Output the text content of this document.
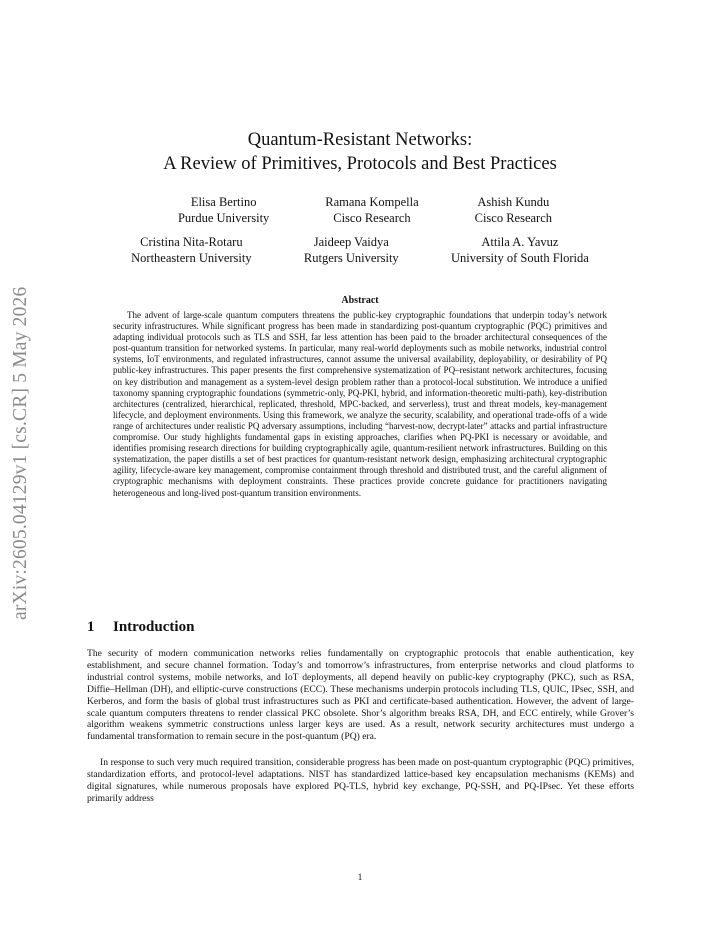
arXiv:2605.04129v1 [cs.CR] 5 May 2026
Quantum-Resistant Networks:
A Review of Primitives, Protocols and Best Practices
Elisa Bertino
Purdue University
Ramana Kompella
Cisco Research
Ashish Kundu
Cisco Research
Cristina Nita-Rotaru
Northeastern University
Jaideep Vaidya
Rutgers University
Attila A. Yavuz
University of South Florida
Abstract

The advent of large-scale quantum computers threatens the public-key cryptographic foundations that underpin today’s network security infrastructures. While significant progress has been made in standardizing post-quantum cryptographic (PQC) primitives and adapting individual protocols such as TLS and SSH, far less attention has been paid to the broader architectural consequences of the post-quantum transition for networked systems. In particular, many real-world deployments such as mobile networks, industrial control systems, IoT environments, and regulated infrastructures, cannot assume the universal availability, deployability, or desirability of PQ public-key infrastructures. This paper presents the first comprehensive systematization of PQ–resistant network architectures, focusing on key distribution and management as a system-level design problem rather than a protocol-local substitution. We introduce a unified taxonomy spanning cryptographic foundations (symmetric-only, PQ-PKI, hybrid, and information-theoretic multi-path), key-distribution architectures (centralized, hierarchical, replicated, threshold, MPC-backed, and serverless), trust and threat models, key-management lifecycle, and deployment environments. Using this framework, we analyze the security, scalability, and operational trade-offs of a wide range of architectures under realistic PQ adversary assumptions, including “harvest-now, decrypt-later” attacks and partial infrastructure compromise. Our study highlights fundamental gaps in existing approaches, clarifies when PQ-PKI is necessary or avoidable, and identifies promising research directions for building cryptographically agile, quantum-resilient network infrastructures. Building on this systematization, the paper distills a set of best practices for quantum-resistant network design, emphasizing architectural cryptographic agility, lifecycle-aware key management, compromise containment through threshold and distributed trust, and the careful alignment of cryptographic mechanisms with deployment constraints. These practices provide concrete guidance for practitioners navigating heterogeneous and long-lived post-quantum transition environments.

1 Introduction

The security of modern communication networks relies fundamentally on cryptographic protocols that enable authentication, key establishment, and secure channel formation. Today’s and tomorrow’s infrastructures, from enterprise networks and cloud platforms to industrial control systems, mobile networks, and IoT deployments, all depend heavily on public-key cryptography (PKC), such as RSA, Diffie–Hellman (DH), and elliptic-curve constructions (ECC). These mechanisms underpin protocols including TLS, QUIC, IPsec, SSH, and Kerberos, and form the basis of global trust infrastructures such as PKI and certificate-based authentication. However, the advent of large-scale quantum computers threatens to render classical PKC obsolete. Shor’s algorithm breaks RSA, DH, and ECC entirely, while Grover’s algorithm weakens symmetric constructions unless larger keys are used. As a result, network security architectures must undergo a fundamental transformation to remain secure in the post-quantum (PQ) era.

In response to such very much required transition, considerable progress has been made on post-quantum cryptographic (PQC) primitives, standardization efforts, and protocol-level adaptations. NIST has standardized lattice-based key encapsulation mechanisms (KEMs) and digital signatures, while numerous proposals have explored PQ-TLS, hybrid key exchange, PQ-SSH, and PQ-IPsec. Yet these efforts primarily address

1
